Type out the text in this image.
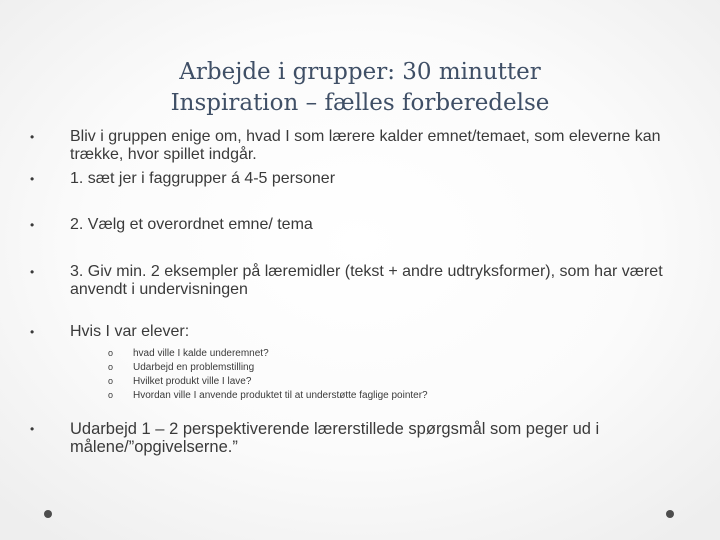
Arbejde i grupper: 30 minutter
Inspiration – fælles forberedelse
•	Bliv i gruppen enige om, hvad I som lærere kalder emnet/temaet, som eleverne kan trække, hvor spillet indgår.
•	1. sæt jer i faggrupper á 4-5 personer
•	2. Vælg et overordnet emne/ tema
•	3. Giv min. 2 eksempler på læremidler (tekst + andre udtryksformer), som har været anvendt i undervisningen
•	Hvis I var elever:
o hvad ville I kalde underemnet?
o Udarbejd en problemstilling
o Hvilket produkt ville I lave?
o Hvordan ville I anvende produktet til at understøtte faglige pointer?
•	Udarbejd 1 – 2 perspektiverende lærerstillede spørgsmål som peger ud i målene/”opgivelserne.”
